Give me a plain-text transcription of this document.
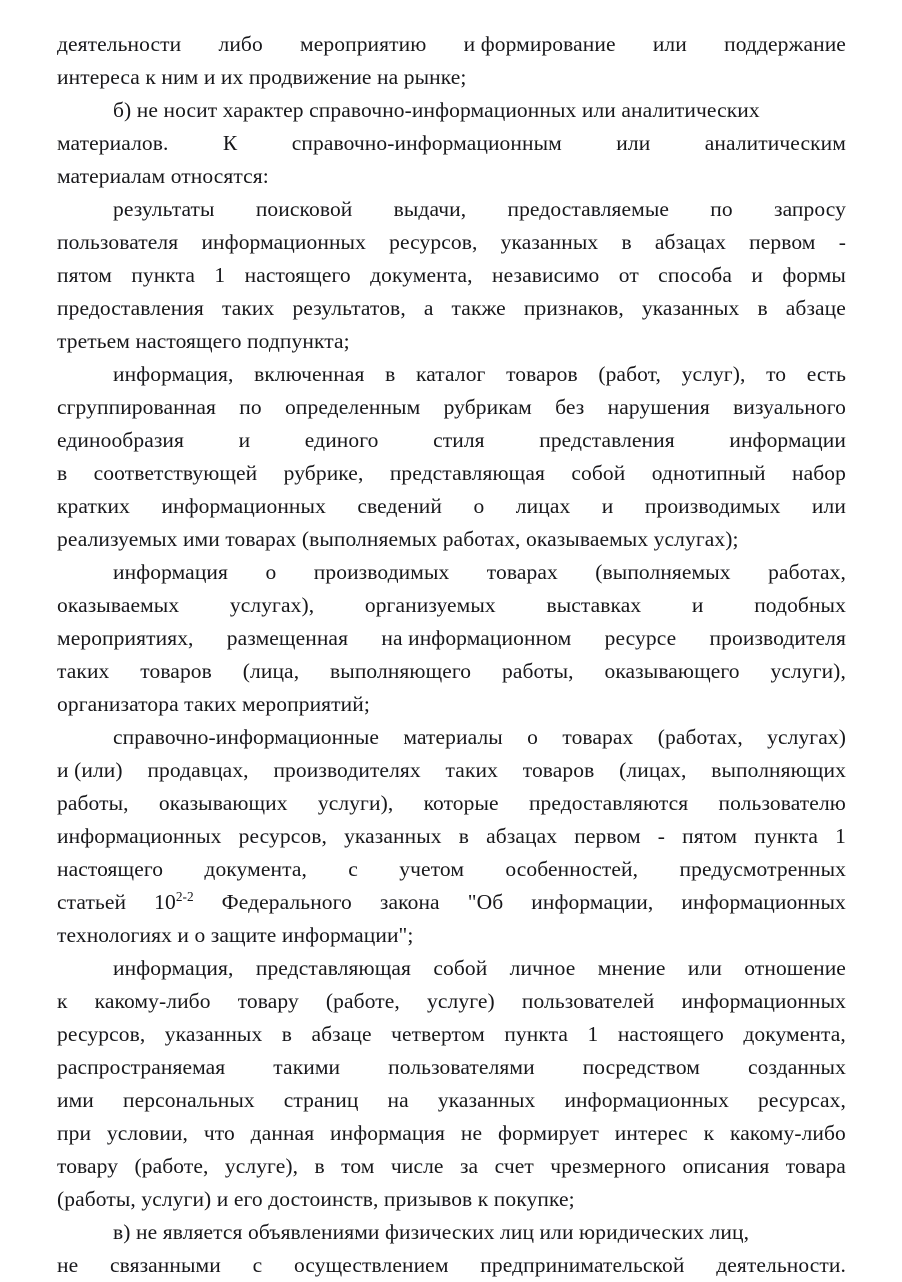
деятельности либо мероприятию и формирование или поддержание
интереса к ним и их продвижение на рынке;
б) не носит характер справочно-информационных или аналитических
материалов.	К	справочно-информационным	или	аналитическим
материалам относятся:
результаты поисковой выдачи, предоставляемые по запросу
пользователя информационных ресурсов, указанных в абзацах первом -
пятом пункта 1 настоящего документа, независимо от способа и формы
предоставления таких результатов, а также признаков, указанных в абзаце
третьем настоящего подпункта;
информация, включенная в каталог товаров (работ, услуг), то есть
сгруппированная по определенным рубрикам без нарушения визуального
единообразия	и	единого	стиля	представления	информации
в соответствующей рубрике, представляющая собой однотипный набор
кратких информационных сведений о лицах и производимых или
реализуемых ими товарах (выполняемых работах, оказываемых услугах);
информация о производимых товарах (выполняемых работах,
оказываемых услугах), организуемых выставках и подобных
мероприятиях, размещенная на информационном ресурсе производителя
таких товаров (лица, выполняющего работы, оказывающего услуги),
организатора таких мероприятий;
справочно-информационные материалы о товарах (работах, услугах)
и (или) продавцах, производителях таких товаров (лицах, выполняющих
работы, оказывающих услуги), которые предоставляются пользователю
информационных ресурсов, указанных в абзацах первом - пятом пункта 1
настоящего документа, с учетом особенностей, предусмотренных
статьей 10$^{2-2}$ Федерального закона "Об информации, информационных
технологиях и о защите информации";
информация, представляющая собой личное мнение или отношение
к какому-либо товару (работе, услуге) пользователей информационных
ресурсов, указанных в абзаце четвертом пункта 1 настоящего документа,
распространяемая такими пользователями посредством созданных
ими персональных страниц на указанных информационных ресурсах,
при условии, что данная информация не формирует интерес к какому-либо
товару (работе, услуге), в том числе за счет чрезмерного описания товара
(работы, услуги) и его достоинств, призывов к покупке;
в) не является объявлениями физических лиц или юридических лиц,
не связанными с осуществлением предпринимательской деятельности.
